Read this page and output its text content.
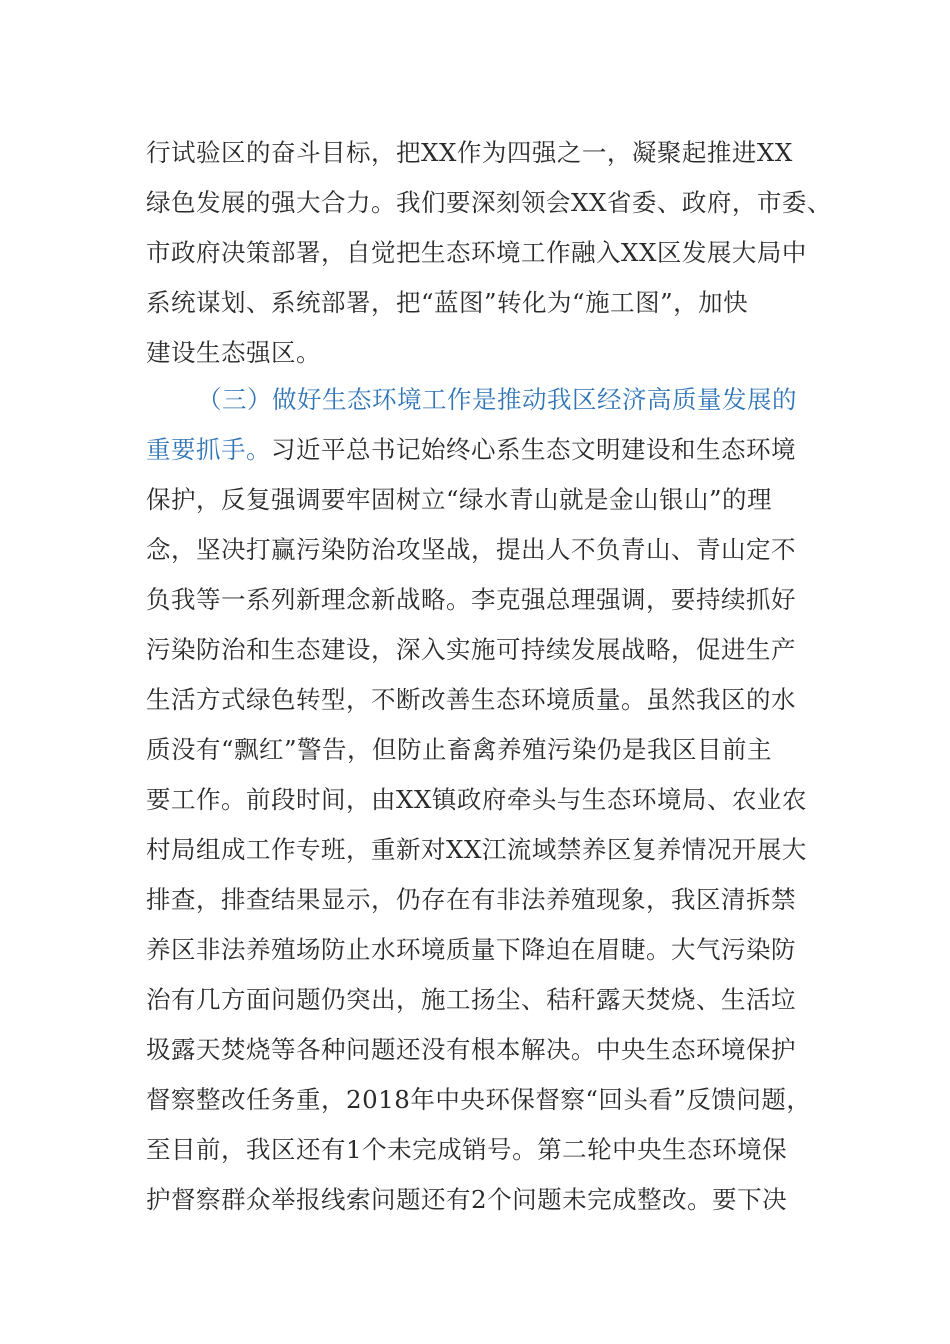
行试验区的奋斗目标，把XX作为四强之一，凝聚起推进XX
绿色发展的强大合力。我们要深刻领会XX省委、政府，市委、
市政府决策部署，自觉把生态环境工作融入XX区发展大局中
系统谋划、系统部署，把“蓝图”转化为“施工图”，加快
建设生态强区。
（三）做好生态环境工作是推动我区经济高质量发展的
重要抓手。习近平总书记始终心系生态文明建设和生态环境
保护，反复强调要牢固树立“绿水青山就是金山银山”的理
念，坚决打赢污染防治攻坚战，提出人不负青山、青山定不
负我等一系列新理念新战略。李克强总理强调，要持续抓好
污染防治和生态建设，深入实施可持续发展战略，促进生产
生活方式绿色转型，不断改善生态环境质量。虽然我区的水
质没有“飘红”警告，但防止畜禽养殖污染仍是我区目前主
要工作。前段时间，由XX镇政府牵头与生态环境局、农业农
村局组成工作专班，重新对XX江流域禁养区复养情况开展大
排查，排查结果显示，仍存在有非法养殖现象，我区清拆禁
养区非法养殖场防止水环境质量下降迫在眉睫。大气污染防
治有几方面问题仍突出，施工扬尘、秸秆露天焚烧、生活垃
圾露天焚烧等各种问题还没有根本解决。中央生态环境保护
督察整改任务重，2018年中央环保督察“回头看”反馈问题，
至目前，我区还有1个未完成销号。第二轮中央生态环境保
护督察群众举报线索问题还有2个问题未完成整改。要下决
